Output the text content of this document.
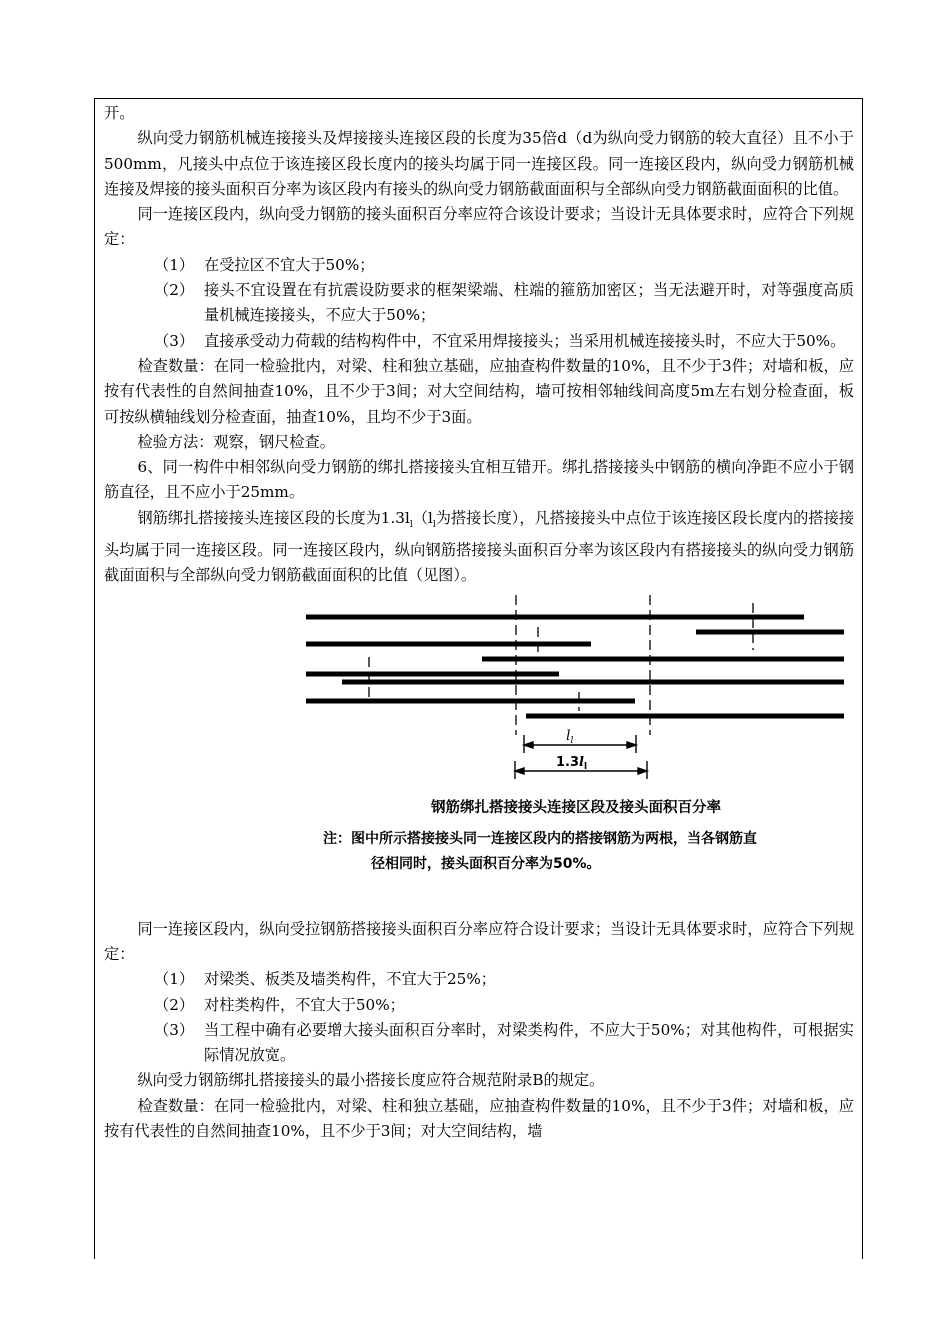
开。

纵向受力钢筋机械连接接头及焊接接头连接区段的长度为35倍d（d为纵向受力钢筋的较大直径）且不小于500mm，凡接头中点位于该连接区段长度内的接头均属于同一连接区段。同一连接区段内，纵向受力钢筋机械连接及焊接的接头面积百分率为该区段内有接头的纵向受力钢筋截面面积与全部纵向受力钢筋截面面积的比值。

同一连接区段内，纵向受力钢筋的接头面积百分率应符合该设计要求；当设计无具体要求时，应符合下列规定：

（1） 在受拉区不宜大于50%；
（2） 接头不宜设置在有抗震设防要求的框架梁端、柱端的箍筋加密区；当无法避开时，对等强度高质量机械连接接头，不应大于50%；
（3） 直接承受动力荷载的结构构件中，不宜采用焊接接头；当采用机械连接接头时，不应大于50%。

检查数量：在同一检验批内，对梁、柱和独立基础，应抽查构件数量的10%，且不少于3件；对墙和板，应按有代表性的自然间抽查10%，且不少于3间；对大空间结构，墙可按相邻轴线间高度5m左右划分检查面，板可按纵横轴线划分检查面，抽查10%，且均不少于3面。

检验方法：观察，钢尺检查。

6、同一构件中相邻纵向受力钢筋的绑扎搭接接头宜相互错开。绑扎搭接接头中钢筋的横向净距不应小于钢筋直径，且不应小于25mm。

钢筋绑扎搭接接头连接区段的长度为$1.3l_l(l_l$为搭接长度），凡搭接接头中点位于该连接区段长度内的搭接接头均属于同一连接区段。同一连接区段内，纵向钢筋搭接接头面积百分率为该区段内有搭接接头的纵向受力钢筋截面面积与全部纵向受力钢筋截面面积的比值（见图）。

$l_l$
$1.3l_l$
钢筋绑扎搭接接头连接区段及接头面积百分率
注：图中所示搭接接头同一连接区段内的搭接钢筋为两根，当各钢筋直
径相同时，接头面积百分率为50%。

同一连接区段内，纵向受拉钢筋搭接接头面积百分率应符合设计要求；当设计无具体要求时，应符合下列规定：

（1） 对梁类、板类及墙类构件，不宜大于25%；
（2） 对柱类构件，不宜大于50%；
（3） 当工程中确有必要增大接头面积百分率时，对梁类构件，不应大于50%；对其他构件，可根据实际情况放宽。

纵向受力钢筋绑扎搭接接头的最小搭接长度应符合规范附录B的规定。

检查数量：在同一检验批内，对梁、柱和独立基础，应抽查构件数量的10%，且不少于3件；对墙和板，应按有代表性的自然间抽查10%，且不少于3间；对大空间结构，墙
